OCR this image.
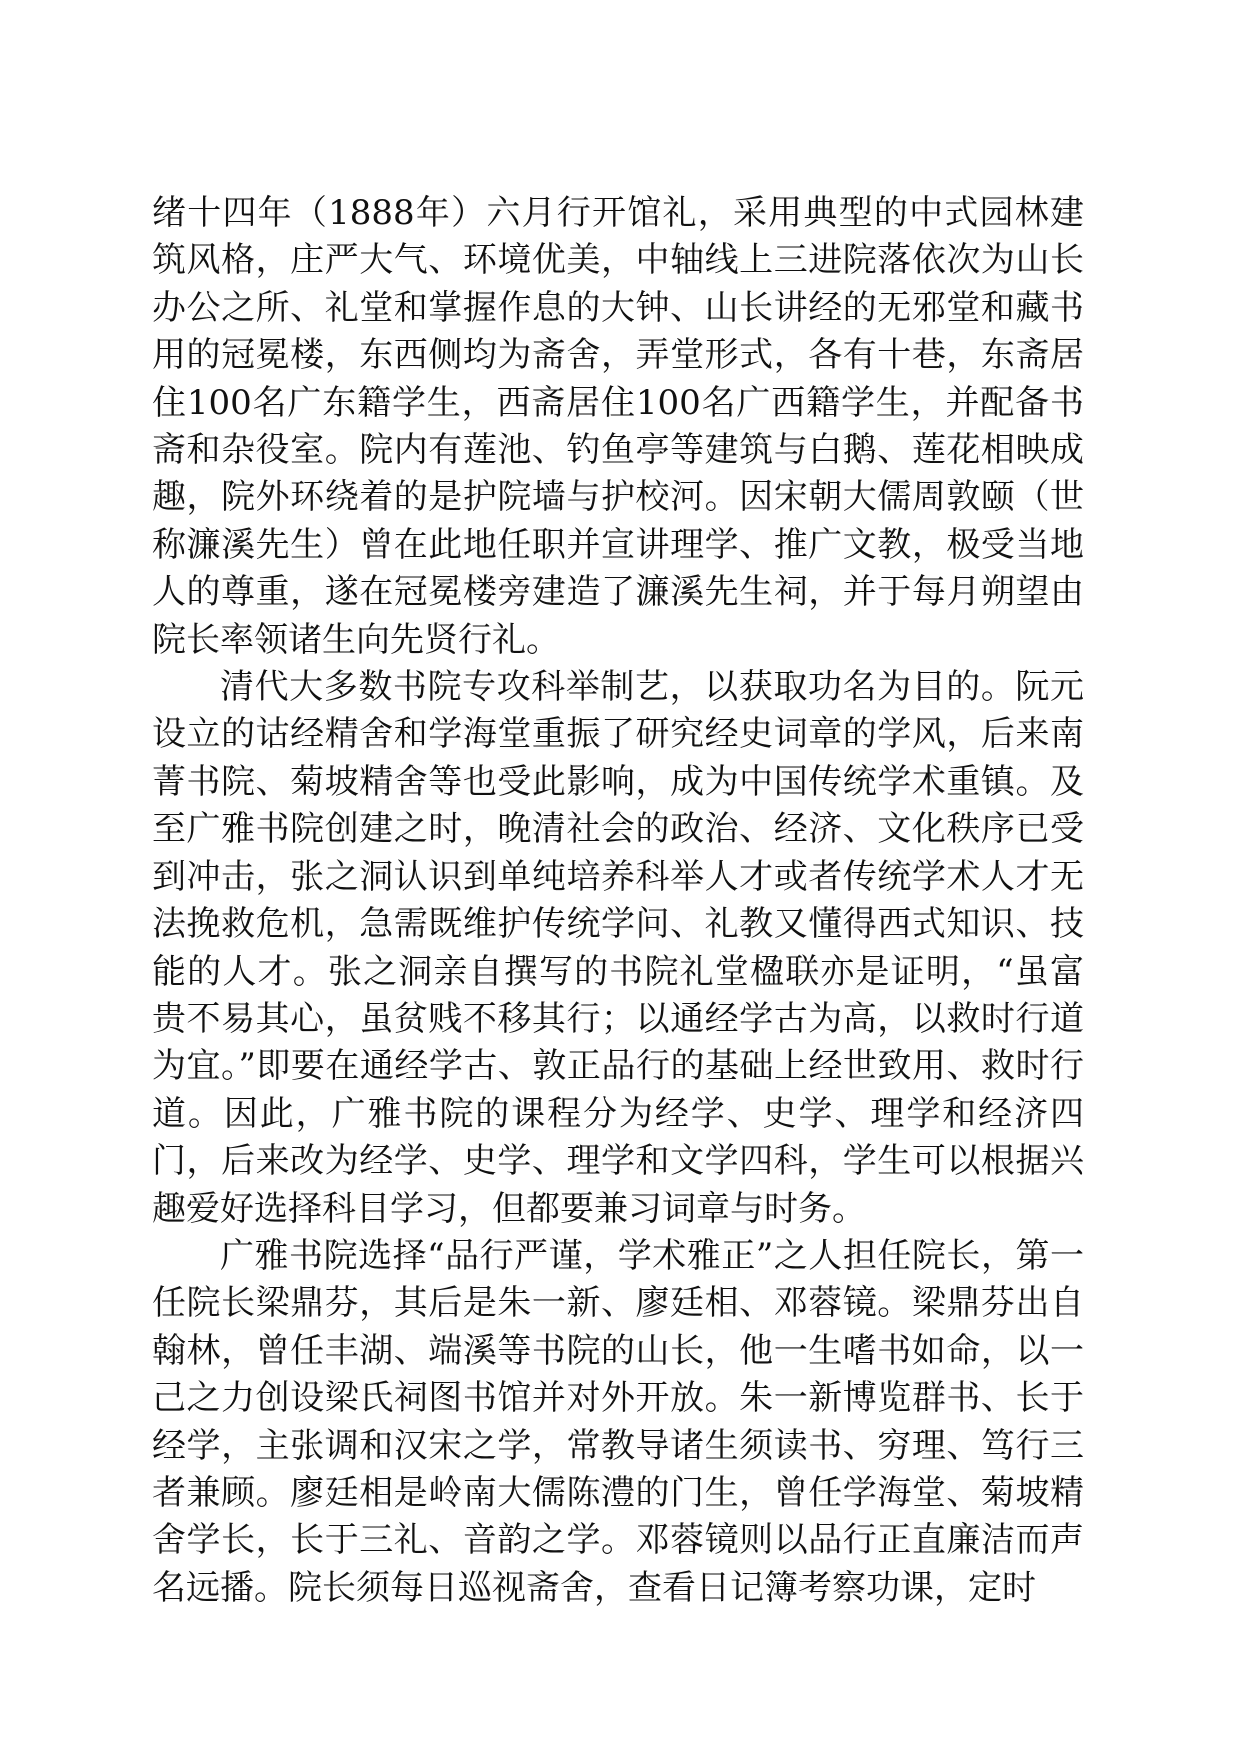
绪十四年（1888年）六月行开馆礼，采用典型的中式园林建筑风格，庄严大气、环境优美，中轴线上三进院落依次为山长办公之所、礼堂和掌握作息的大钟、山长讲经的无邪堂和藏书用的冠冕楼，东西侧均为斋舍，弄堂形式，各有十巷，东斋居住100名广东籍学生，西斋居住100名广西籍学生，并配备书斋和杂役室。院内有莲池、钓鱼亭等建筑与白鹅、莲花相映成趣，院外环绕着的是护院墙与护校河。因宋朝大儒周敦颐（世称濂溪先生）曾在此地任职并宣讲理学、推广文教，极受当地人的尊重，遂在冠冕楼旁建造了濂溪先生祠，并于每月朔望由院长率领诸生向先贤行礼。

清代大多数书院专攻科举制艺，以获取功名为目的。阮元设立的诂经精舍和学海堂重振了研究经史词章的学风，后来南菁书院、菊坡精舍等也受此影响，成为中国传统学术重镇。及至广雅书院创建之时，晚清社会的政治、经济、文化秩序已受到冲击，张之洞认识到单纯培养科举人才或者传统学术人才无法挽救危机，急需既维护传统学问、礼教又懂得西式知识、技能的人才。张之洞亲自撰写的书院礼堂楹联亦是证明，“虽富贵不易其心，虽贫贱不移其行；以通经学古为高，以救时行道为宜。”即要在通经学古、敦正品行的基础上经世致用、救时行道。因此，广雅书院的课程分为经学、史学、理学和经济四门，后来改为经学、史学、理学和文学四科，学生可以根据兴趣爱好选择科目学习，但都要兼习词章与时务。

广雅书院选择“品行严谨，学术雅正”之人担任院长，第一任院长梁鼎芬，其后是朱一新、廖廷相、邓蓉镜。梁鼎芬出自翰林，曾任丰湖、端溪等书院的山长，他一生嗜书如命，以一己之力创设梁氏祠图书馆并对外开放。朱一新博览群书、长于经学，主张调和汉宋之学，常教导诸生须读书、穷理、笃行三者兼顾。廖廷相是岭南大儒陈澧的门生，曾任学海堂、菊坡精舍学长，长于三礼、音韵之学。邓蓉镜则以品行正直廉洁而声名远播。院长须每日巡视斋舍，查看日记簿考察功课，定时
